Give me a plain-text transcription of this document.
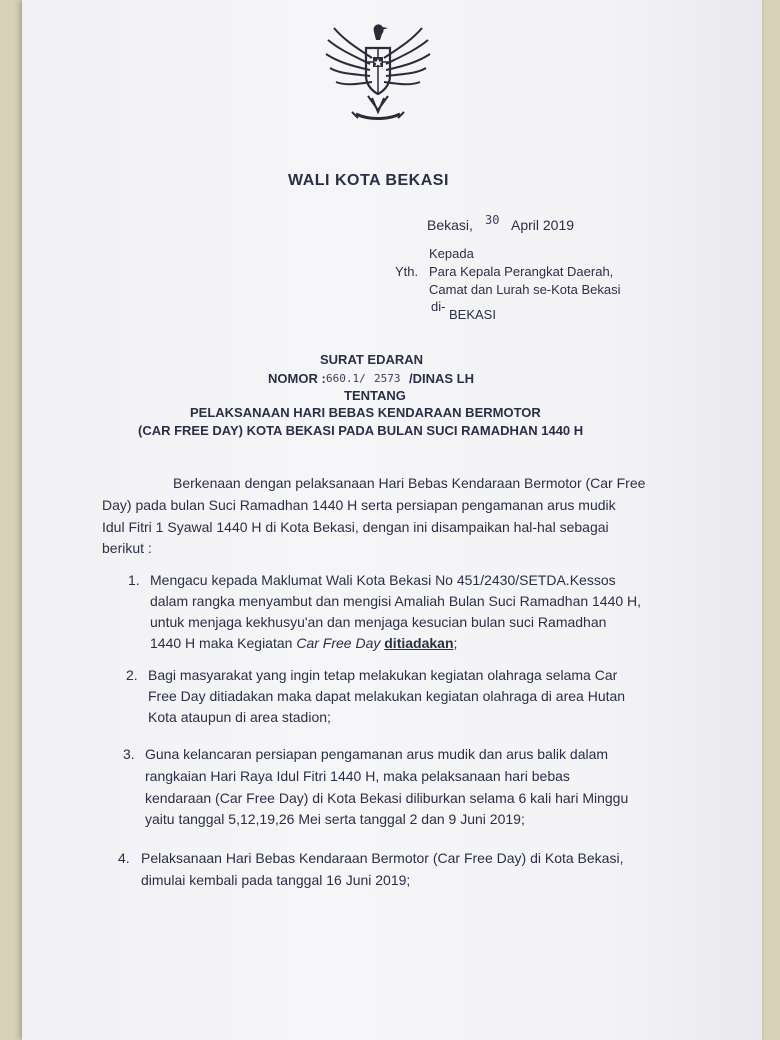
WALI KOTA BEKASI
Bekasi, 30 April 2019
Kepada
Yth. Para Kepala Perangkat Daerah,
Camat dan Lurah se-Kota Bekasi
di-
BEKASI
SURAT EDARAN
NOMOR : 660.1/ 2573 /DINAS LH
TENTANG
PELAKSANAAN HARI BEBAS KENDARAAN BERMOTOR
(CAR FREE DAY) KOTA BEKASI PADA BULAN SUCI RAMADHAN 1440 H
Berkenaan dengan pelaksanaan Hari Bebas Kendaraan Bermotor (Car Free
Day) pada bulan Suci Ramadhan 1440 H serta persiapan pengamanan arus mudik
Idul Fitri 1 Syawal 1440 H di Kota Bekasi, dengan ini disampaikan hal-hal sebagai
berikut :
1. Mengacu kepada Maklumat Wali Kota Bekasi No 451/2430/SETDA.Kessos
dalam rangka menyambut dan mengisi Amaliah Bulan Suci Ramadhan 1440 H,
untuk menjaga kekhusyu'an dan menjaga kesucian bulan suci Ramadhan
1440 H maka Kegiatan Car Free Day ditiadakan;
2. Bagi masyarakat yang ingin tetap melakukan kegiatan olahraga selama Car
Free Day ditiadakan maka dapat melakukan kegiatan olahraga di area Hutan
Kota ataupun di area stadion;
3. Guna kelancaran persiapan pengamanan arus mudik dan arus balik dalam
rangkaian Hari Raya Idul Fitri 1440 H, maka pelaksanaan hari bebas
kendaraan (Car Free Day) di Kota Bekasi diliburkan selama 6 kali hari Minggu
yaitu tanggal 5,12,19,26 Mei serta tanggal 2 dan 9 Juni 2019;
4. Pelaksanaan Hari Bebas Kendaraan Bermotor (Car Free Day) di Kota Bekasi,
dimulai kembali pada tanggal 16 Juni 2019;
